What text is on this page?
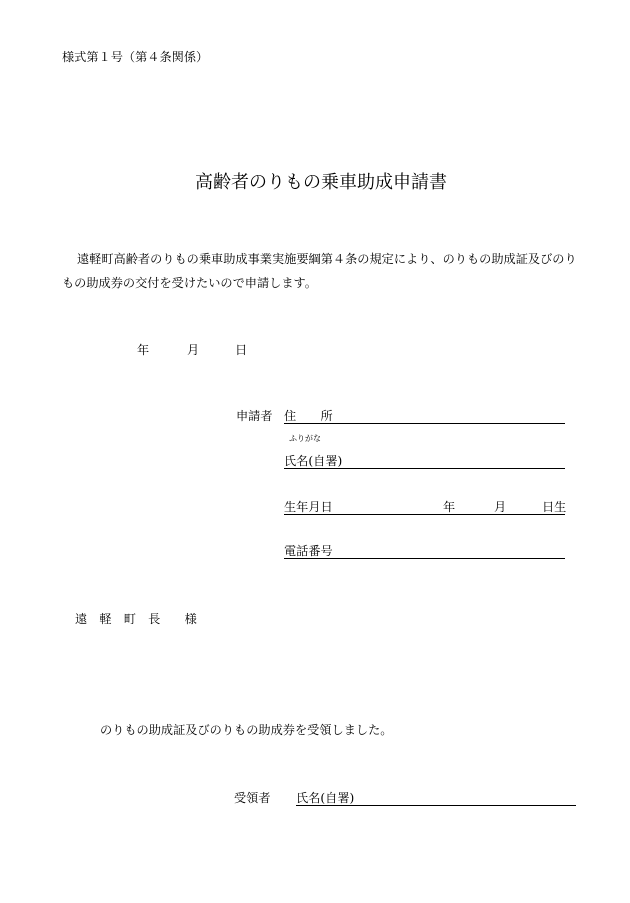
様式第１号（第４条関係）
高齢者のりもの乗車助成申請書
遠軽町高齢者のりもの乗車助成事業実施要綱第４条の規定により、のりもの助成証及びのり
もの助成券の交付を受けたいので申請します。
年	月	日
申請者 住　　所
ふりがな
氏名(自署)
生年月日	年	月	日生
電話番号
遠　軽　町　長　　様
のりもの助成証及びのりもの助成券を受領しました。
受領者 氏名(自署)
